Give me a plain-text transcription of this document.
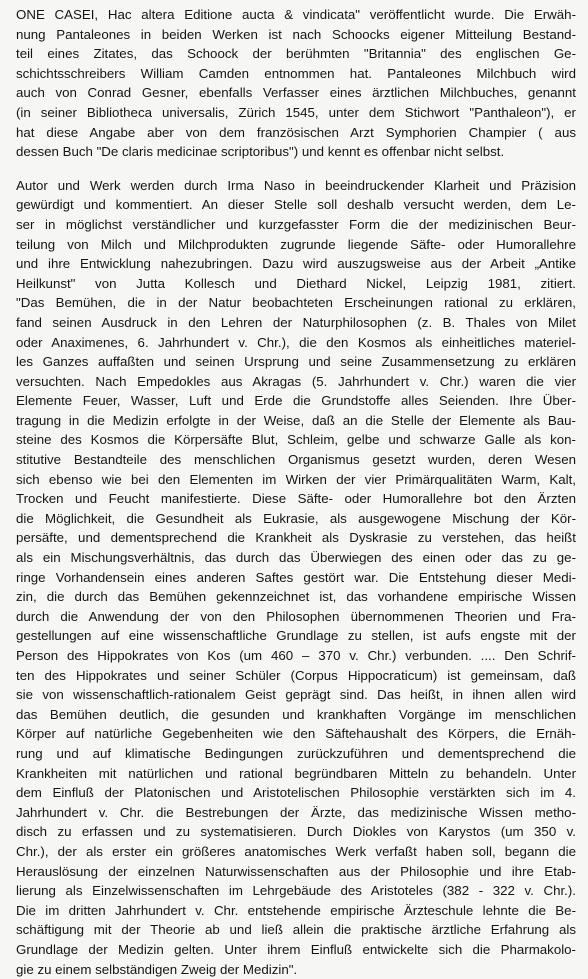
ONE CASEI, Hac altera Editione aucta & vindicata" veröffentlicht wurde. Die Erwäh-
nung Pantaleones in beiden Werken ist nach Schoocks eigener Mitteilung Bestand-
teil eines Zitates, das Schoock der berühmten "Britannia" des englischen Ge-
schichtsschreibers William Camden entnommen hat. Pantaleones Milchbuch wird
auch von Conrad Gesner, ebenfalls Verfasser eines ärztlichen Milchbuches, genannt
(in seiner Bibliotheca universalis, Zürich 1545, unter dem Stichwort "Panthaleon"), er
hat diese Angabe aber von dem französischen Arzt Symphorien Champier ( aus
dessen Buch "De claris medicinae scriptoribus") und kennt es offenbar nicht selbst.
Autor und Werk werden durch Irma Naso in beeindruckender Klarheit und Präzision
gewürdigt und kommentiert. An dieser Stelle soll deshalb versucht werden, dem Le-
ser in möglichst verständlicher und kurzgefasster Form die der medizinischen Beur-
teilung von Milch und Milchprodukten zugrunde liegende Säfte- oder Humorallehre
und ihre Entwicklung nahezubringen. Dazu wird auszugsweise aus der Arbeit „Antike
Heilkunst" von Jutta Kollesch und Diethard Nickel, Leipzig 1981, zitiert.
"Das Bemühen, die in der Natur beobachteten Erscheinungen rational zu erklären,
fand seinen Ausdruck in den Lehren der Naturphilosophen (z. B. Thales von Milet
oder Anaximenes, 6. Jahrhundert v. Chr.), die den Kosmos als einheitliches materiel-
les Ganzes auffaßten und seinen Ursprung und seine Zusammensetzung zu erklären
versuchten. Nach Empedokles aus Akragas (5. Jahrhundert v. Chr.) waren die vier
Elemente Feuer, Wasser, Luft und Erde die Grundstoffe alles Seienden. Ihre Über-
tragung in die Medizin erfolgte in der Weise, daß an die Stelle der Elemente als Bau-
steine des Kosmos die Körpersäfte Blut, Schleim, gelbe und schwarze Galle als kon-
stitutive Bestandteile des menschlichen Organismus gesetzt wurden, deren Wesen
sich ebenso wie bei den Elementen im Wirken der vier Primärqualitäten Warm, Kalt,
Trocken und Feucht manifestierte. Diese Säfte- oder Humorallehre bot den Ärzten
die Möglichkeit, die Gesundheit als Eukrasie, als ausgewogene Mischung der Kör-
persäfte, und dementsprechend die Krankheit als Dyskrasie zu verstehen, das heißt
als ein Mischungsverhältnis, das durch das Überwiegen des einen oder das zu ge-
ringe Vorhandensein eines anderen Saftes gestört war. Die Entstehung dieser Medi-
zin, die durch das Bemühen gekennzeichnet ist, das vorhandene empirische Wissen
durch die Anwendung der von den Philosophen übernommenen Theorien und Fra-
gestellungen auf eine wissenschaftliche Grundlage zu stellen, ist aufs engste mit der
Person des Hippokrates von Kos (um 460 – 370 v. Chr.) verbunden. .... Den Schrif-
ten des Hippokrates und seiner Schüler (Corpus Hippocraticum) ist gemeinsam, daß
sie von wissenschaftlich-rationalem Geist geprägt sind. Das heißt, in ihnen allen wird
das Bemühen deutlich, die gesunden und krankhaften Vorgänge im menschlichen
Körper auf natürliche Gegebenheiten wie den Säftehaushalt des Körpers, die Ernäh-
rung und auf klimatische Bedingungen zurückzuführen und dementsprechend die
Krankheiten mit natürlichen und rational begründbaren Mitteln zu behandeln. Unter
dem Einfluß der Platonischen und Aristotelischen Philosophie verstärkten sich im 4.
Jahrhundert v. Chr. die Bestrebungen der Ärzte, das medizinische Wissen metho-
disch zu erfassen und zu systematisieren. Durch Diokles von Karystos (um 350 v.
Chr.), der als erster ein größeres anatomisches Werk verfaßt haben soll, begann die
Herauslösung der einzelnen Naturwissenschaften aus der Philosophie und ihre Etab-
lierung als Einzelwissenschaften im Lehrgebäude des Aristoteles (382 - 322 v. Chr.).
Die im dritten Jahrhundert v. Chr. entstehende empirische Ärzteschule lehnte die Be-
schäftigung mit der Theorie ab und ließ allein die praktische ärztliche Erfahrung als
Grundlage der Medizin gelten. Unter ihrem Einfluß entwickelte sich die Pharmakolo-
gie zu einem selbständigen Zweig der Medizin".
